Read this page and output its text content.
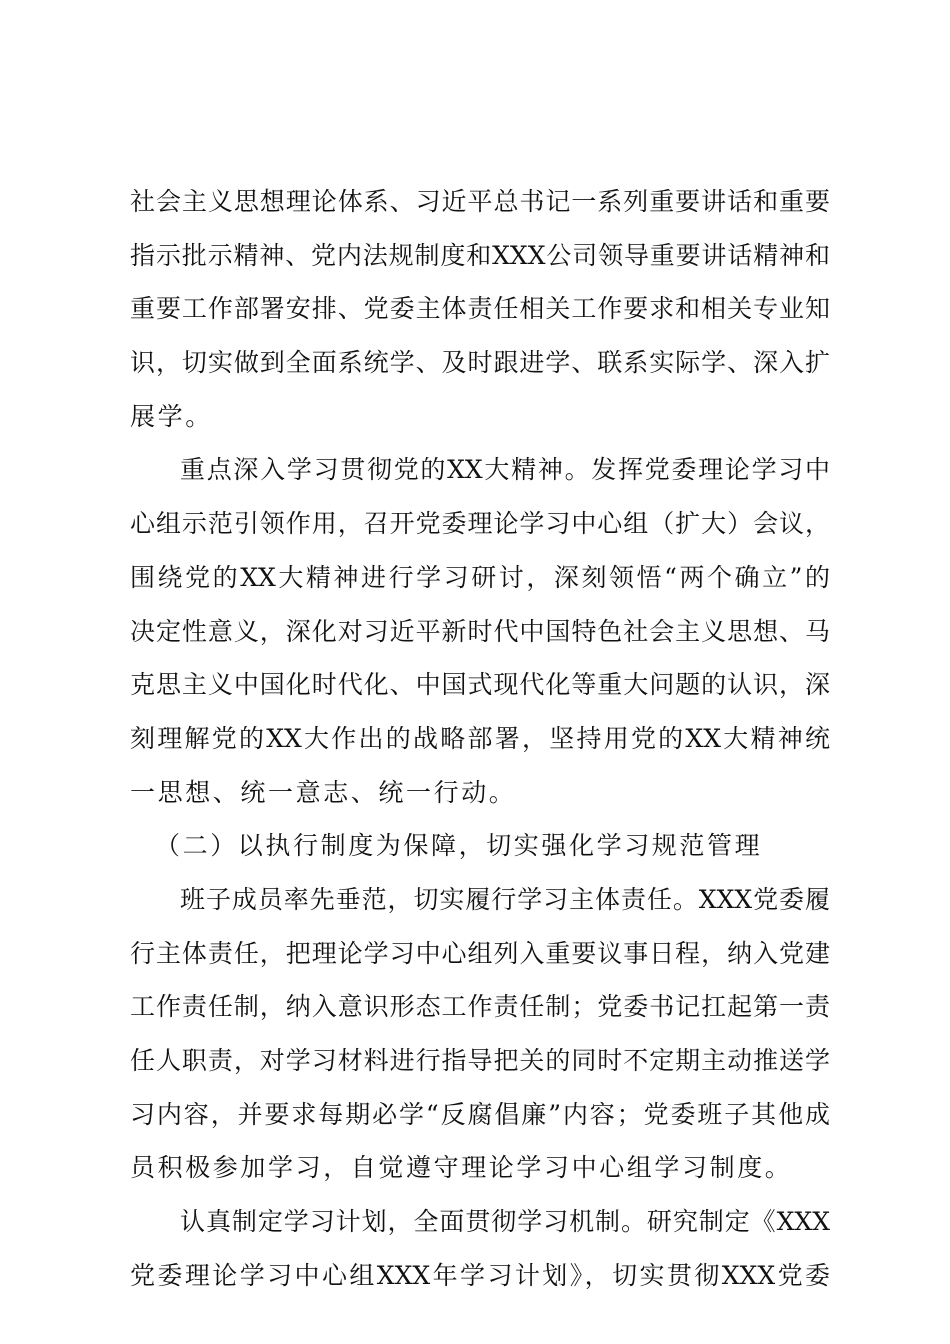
社会主义思想理论体系、习近平总书记一系列重要讲话和重要
指示批示精神、党内法规制度和XXX公司领导重要讲话精神和
重要工作部署安排、党委主体责任相关工作要求和相关专业知
识，切实做到全面系统学、及时跟进学、联系实际学、深入扩
展学。
重点深入学习贯彻党的XX大精神。发挥党委理论学习中
心组示范引领作用，召开党委理论学习中心组（扩大）会议，
围绕党的XX大精神进行学习研讨，深刻领悟“两个确立”的
决定性意义，深化对习近平新时代中国特色社会主义思想、马
克思主义中国化时代化、中国式现代化等重大问题的认识，深
刻理解党的XX大作出的战略部署，坚持用党的XX大精神统
一思想、统一意志、统一行动。
（二）以执行制度为保障，切实强化学习规范管理
班子成员率先垂范，切实履行学习主体责任。XXX党委履
行主体责任，把理论学习中心组列入重要议事日程，纳入党建
工作责任制，纳入意识形态工作责任制；党委书记扛起第一责
任人职责，对学习材料进行指导把关的同时不定期主动推送学
习内容，并要求每期必学“反腐倡廉”内容；党委班子其他成
员积极参加学习，自觉遵守理论学习中心组学习制度。
认真制定学习计划，全面贯彻学习机制。研究制定《XXX
党委理论学习中心组XXX年学习计划》，切实贯彻XXX党委
